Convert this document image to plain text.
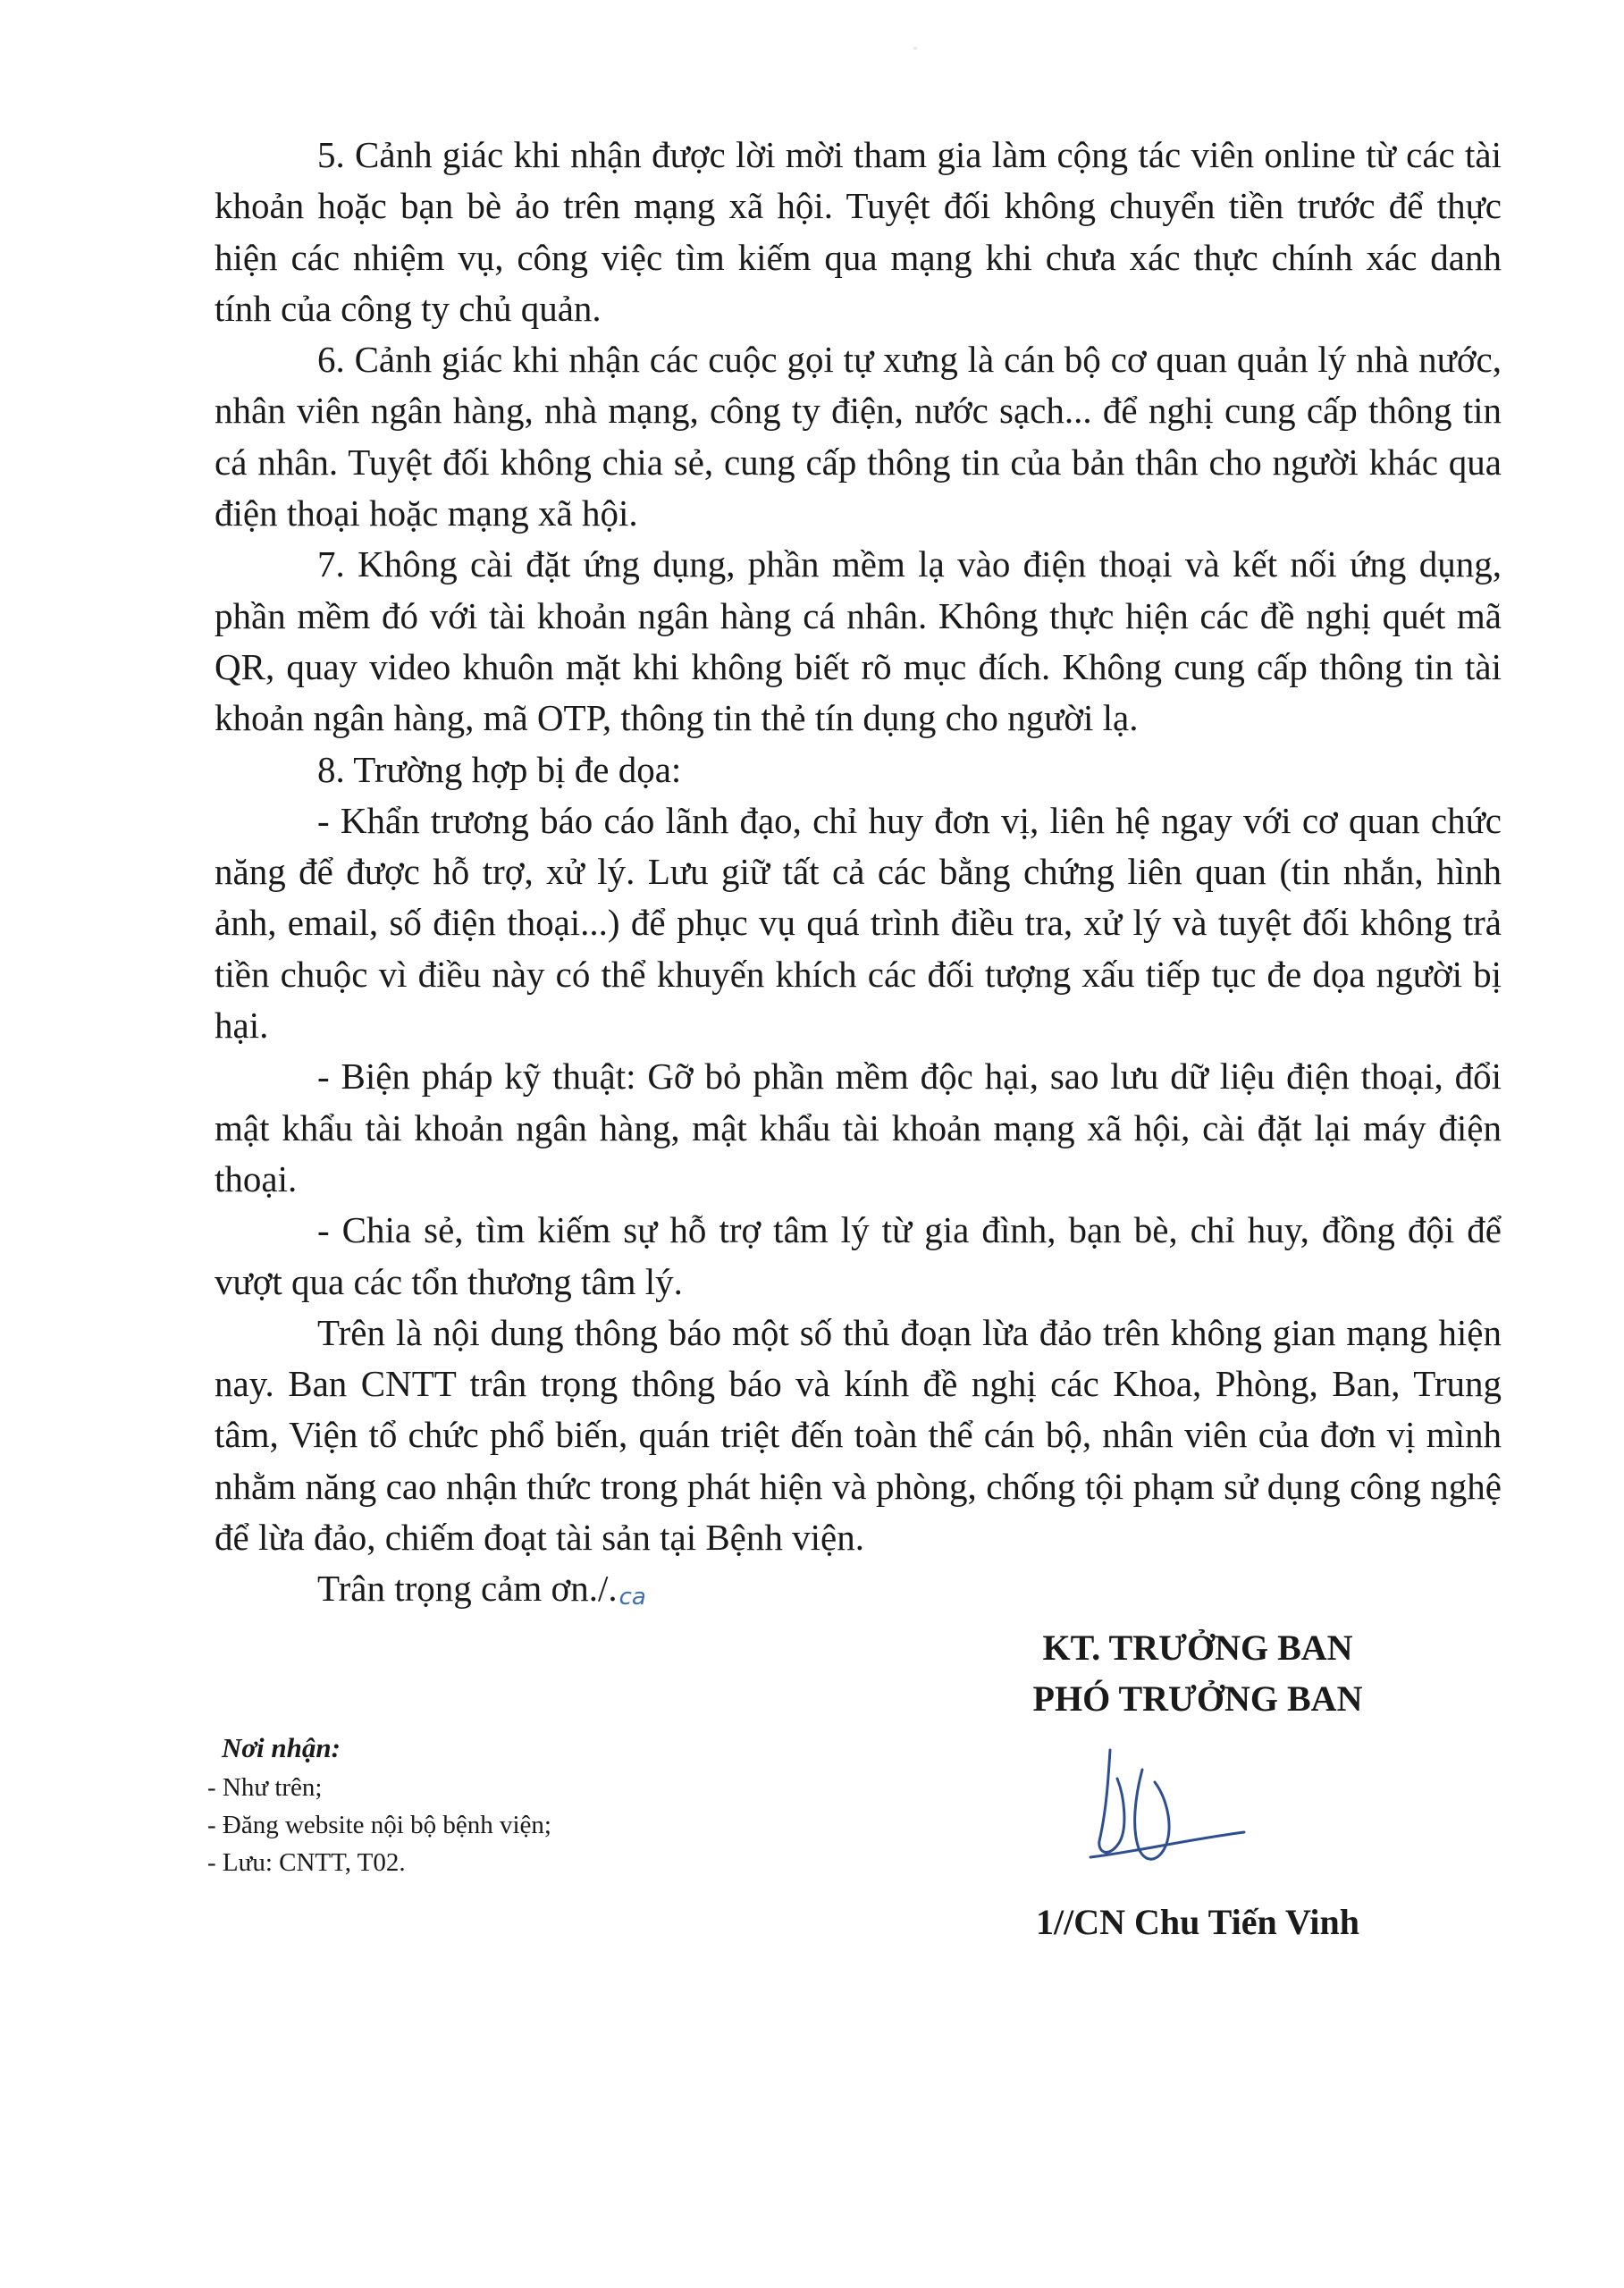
5. Cảnh giác khi nhận được lời mời tham gia làm cộng tác viên online từ các tài khoản hoặc bạn bè ảo trên mạng xã hội. Tuyệt đối không chuyển tiền trước để thực hiện các nhiệm vụ, công việc tìm kiếm qua mạng khi chưa xác thực chính xác danh tính của công ty chủ quản.

6. Cảnh giác khi nhận các cuộc gọi tự xưng là cán bộ cơ quan quản lý nhà nước, nhân viên ngân hàng, nhà mạng, công ty điện, nước sạch... để nghị cung cấp thông tin cá nhân. Tuyệt đối không chia sẻ, cung cấp thông tin của bản thân cho người khác qua điện thoại hoặc mạng xã hội.

7. Không cài đặt ứng dụng, phần mềm lạ vào điện thoại và kết nối ứng dụng, phần mềm đó với tài khoản ngân hàng cá nhân. Không thực hiện các đề nghị quét mã QR, quay video khuôn mặt khi không biết rõ mục đích. Không cung cấp thông tin tài khoản ngân hàng, mã OTP, thông tin thẻ tín dụng cho người lạ.

8. Trường hợp bị đe dọa:

- Khẩn trương báo cáo lãnh đạo, chỉ huy đơn vị, liên hệ ngay với cơ quan chức năng để được hỗ trợ, xử lý. Lưu giữ tất cả các bằng chứng liên quan (tin nhắn, hình ảnh, email, số điện thoại...) để phục vụ quá trình điều tra, xử lý và tuyệt đối không trả tiền chuộc vì điều này có thể khuyến khích các đối tượng xấu tiếp tục đe dọa người bị hại.

- Biện pháp kỹ thuật: Gỡ bỏ phần mềm độc hại, sao lưu dữ liệu điện thoại, đổi mật khẩu tài khoản ngân hàng, mật khẩu tài khoản mạng xã hội, cài đặt lại máy điện thoại.

- Chia sẻ, tìm kiếm sự hỗ trợ tâm lý từ gia đình, bạn bè, chỉ huy, đồng đội để vượt qua các tổn thương tâm lý.

Trên là nội dung thông báo một số thủ đoạn lừa đảo trên không gian mạng hiện nay. Ban CNTT trân trọng thông báo và kính đề nghị các Khoa, Phòng, Ban, Trung tâm, Viện tổ chức phổ biến, quán triệt đến toàn thể cán bộ, nhân viên của đơn vị mình nhằm năng cao nhận thức trong phát hiện và phòng, chống tội phạm sử dụng công nghệ để lừa đảo, chiếm đoạt tài sản tại Bệnh viện.

Trân trọng cảm ơn./.ca

KT. TRƯỞNG BAN
PHÓ TRƯỞNG BAN
Nơi nhận:
- Như trên;
- Đăng website nội bộ bệnh viện;
- Lưu: CNTT, T02.
1//CN Chu Tiến Vinh
